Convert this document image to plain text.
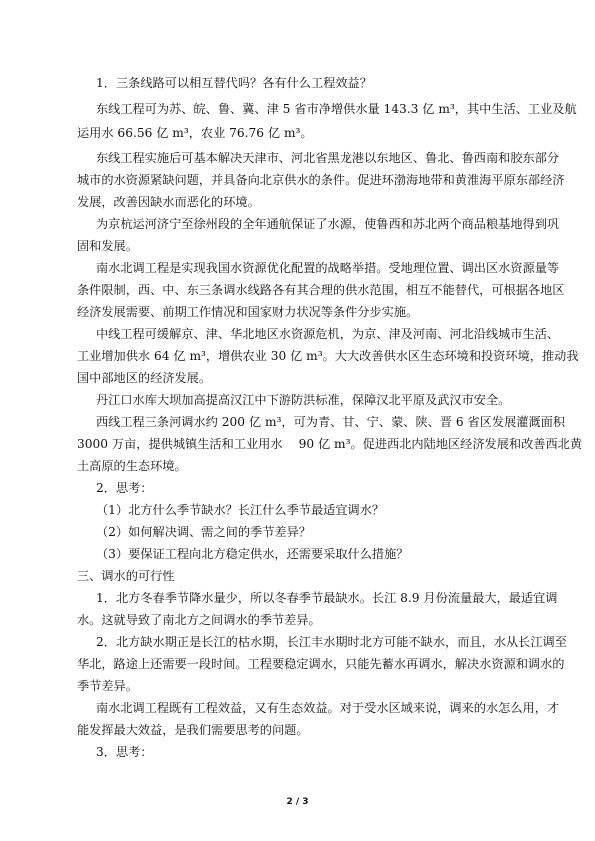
1．三条线路可以相互替代吗？各有什么工程效益？
东线工程可为苏、皖、鲁、冀、津 5 省市净增供水量 143.3 亿 m³，其中生活、工业及航
运用水 66.56 亿 m³，农业 76.76 亿 m³。
东线工程实施后可基本解决天津市、河北省黑龙港以东地区、鲁北、鲁西南和胶东部分
城市的水资源紧缺问题，并具备向北京供水的条件。促进环渤海地带和黄淮海平原东部经济
发展，改善因缺水而恶化的环境。
为京杭运河济宁至徐州段的全年通航保证了水源，使鲁西和苏北两个商品粮基地得到巩
固和发展。
南水北调工程是实现我国水资源优化配置的战略举措。受地理位置、调出区水资源量等
条件限制，西、中、东三条调水线路各有其合理的供水范围，相互不能替代，可根据各地区
经济发展需要、前期工作情况和国家财力状况等条件分步实施。
中线工程可缓解京、津、华北地区水资源危机，为京、津及河南、河北沿线城市生活、
工业增加供水 64 亿 m³，增供农业 30 亿 m³。大大改善供水区生态环境和投资环境，推动我
国中部地区的经济发展。
丹江口水库大坝加高提高汉江中下游防洪标准，保障汉北平原及武汉市安全。
西线工程三条河调水约 200 亿 m³，可为青、甘、宁、蒙、陕、晋 6 省区发展灌溉面积
3000 万亩，提供城镇生活和工业用水　 90 亿 m³。促进西北内陆地区经济发展和改善西北黄
土高原的生态环境。
2．思考：
（1）北方什么季节缺水？长江什么季节最适宜调水？
（2）如何解决调、需之间的季节差异？
（3）要保证工程向北方稳定供水，还需要采取什么措施？
三、调水的可行性
1．北方冬春季节降水量少，所以冬春季节最缺水。长江 8.9 月份流量最大，最适宜调
水。这就导致了南北方之间调水的季节差异。
2．北方缺水期正是长江的枯水期，长江丰水期时北方可能不缺水，而且，水从长江调至
华北，路途上还需要一段时间。工程要稳定调水，只能先蓄水再调水，解决水资源和调水的
季节差异。
南水北调工程既有工程效益，又有生态效益。对于受水区域来说，调来的水怎么用，才
能发挥最大效益，是我们需要思考的问题。
3．思考：
2 / 3
